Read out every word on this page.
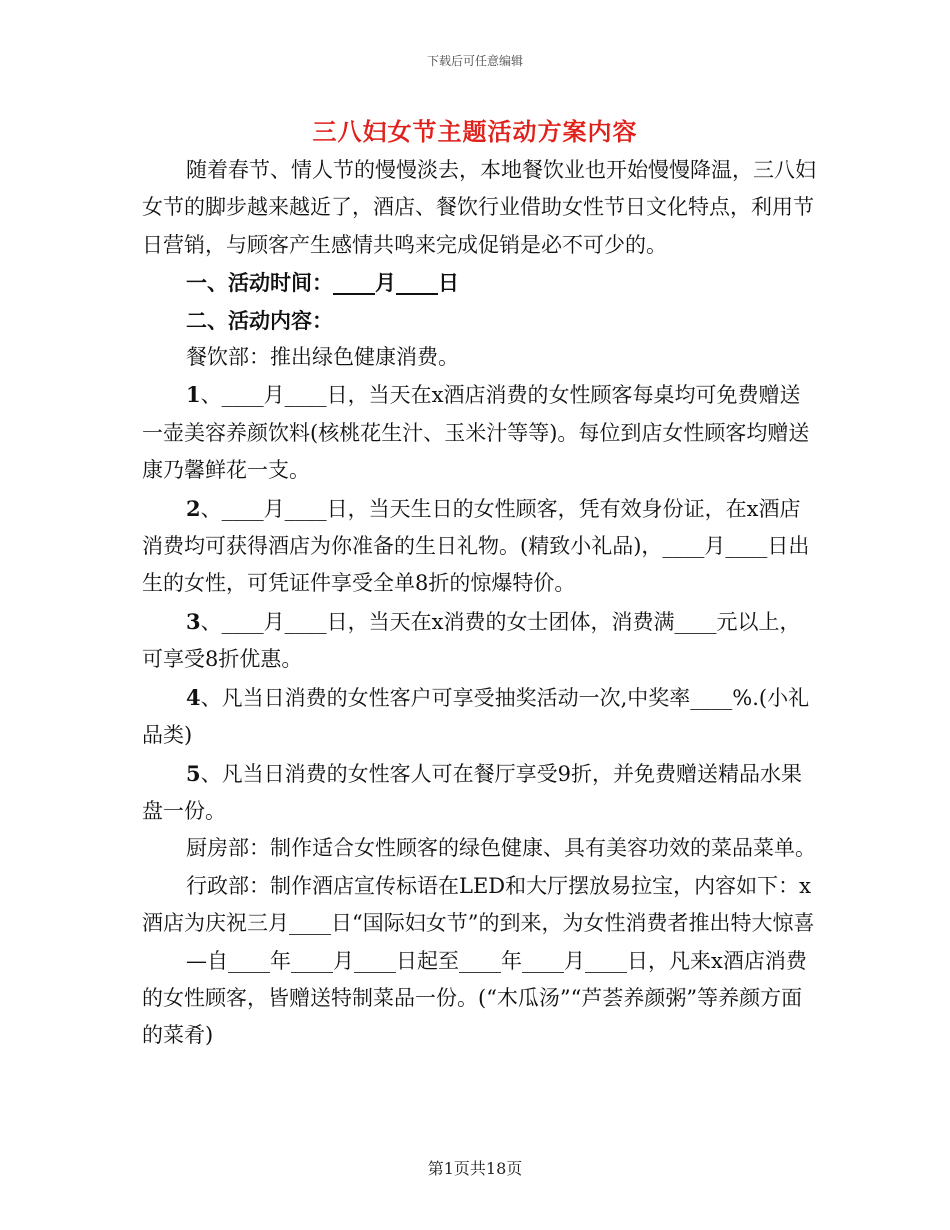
下载后可任意编辑
三八妇女节主题活动方案内容

随着春节、情人节的慢慢淡去，本地餐饮业也开始慢慢降温，三八妇女节的脚步越来越近了，酒店、餐饮行业借助女性节日文化特点，利用节日营销，与顾客产生感情共鸣来完成促销是必不可少的。

一、活动时间：____月____日

二、活动内容：

餐饮部：推出绿色健康消费。

1、____月____日，当天在x酒店消费的女性顾客每桌均可免费赠送一壶美容养颜饮料(核桃花生汁、玉米汁等等)。每位到店女性顾客均赠送康乃馨鲜花一支。

2、____月____日，当天生日的女性顾客，凭有效身份证，在x酒店消费均可获得酒店为你准备的生日礼物。(精致小礼品)，____月____日出生的女性，可凭证件享受全单8折的惊爆特价。

3、____月____日，当天在x消费的女士团体，消费满____元以上，可享受8折优惠。

4、凡当日消费的女性客户可享受抽奖活动一次,中奖率____%.(小礼品类)

5、凡当日消费的女性客人可在餐厅享受9折，并免费赠送精品水果盘一份。

厨房部：制作适合女性顾客的绿色健康、具有美容功效的菜品菜单。

行政部：制作酒店宣传标语在LED和大厅摆放易拉宝，内容如下：x酒店为庆祝三月____日“国际妇女节”的到来，为女性消费者推出特大惊喜

—自____年____月____日起至____年____月____日，凡来x酒店消费的女性顾客，皆赠送特制菜品一份。(“木瓜汤”“芦荟养颜粥”等养颜方面的菜肴)

第1页共18页
